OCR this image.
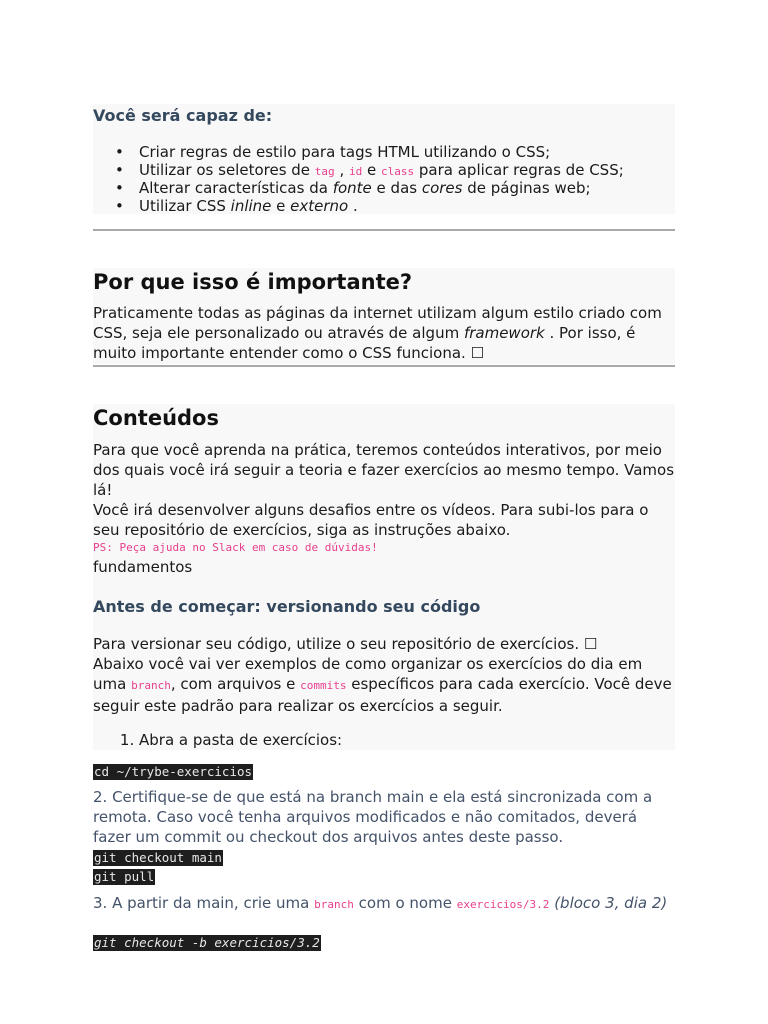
Você será capaz de:
• Criar regras de estilo para tags HTML utilizando o CSS;
• Utilizar os seletores de tag , id e class para aplicar regras de CSS;
• Alterar características da fonte e das cores de páginas web;
• Utilizar CSS inline e externo .
Por que isso é importante?

Praticamente todas as páginas da internet utilizam algum estilo criado com CSS, seja ele personalizado ou através de algum framework . Por isso, é muito importante entender como o CSS funciona. ☐

Conteúdos
Para que você aprenda na prática, teremos conteúdos interativos, por meio dos quais você irá seguir a teoria e fazer exercícios ao mesmo tempo. Vamos lá!
Você irá desenvolver alguns desafios entre os vídeos. Para subi-los para o seu repositório de exercícios, siga as instruções abaixo.
PS: Peça ajuda no Slack em caso de dúvidas!
fundamentos
Antes de começar: versionando seu código
Para versionar seu código, utilize o seu repositório de exercícios. ☐
Abaixo você vai ver exemplos de como organizar os exercícios do dia em uma branch, com arquivos e commits específicos para cada exercício. Você deve seguir este padrão para realizar os exercícios a seguir.
1. Abra a pasta de exercícios:
cd ~/trybe-exercicios

2. Certifique-se de que está na branch main e ela está sincronizada com a remota. Caso você tenha arquivos modificados e não comitados, deverá fazer um commit ou checkout dos arquivos antes deste passo.

git checkout main
git pull

3. A partir da main, crie uma branch com o nome exercicios/3.2 (bloco 3, dia 2)

git checkout -b exercicios/3.2
